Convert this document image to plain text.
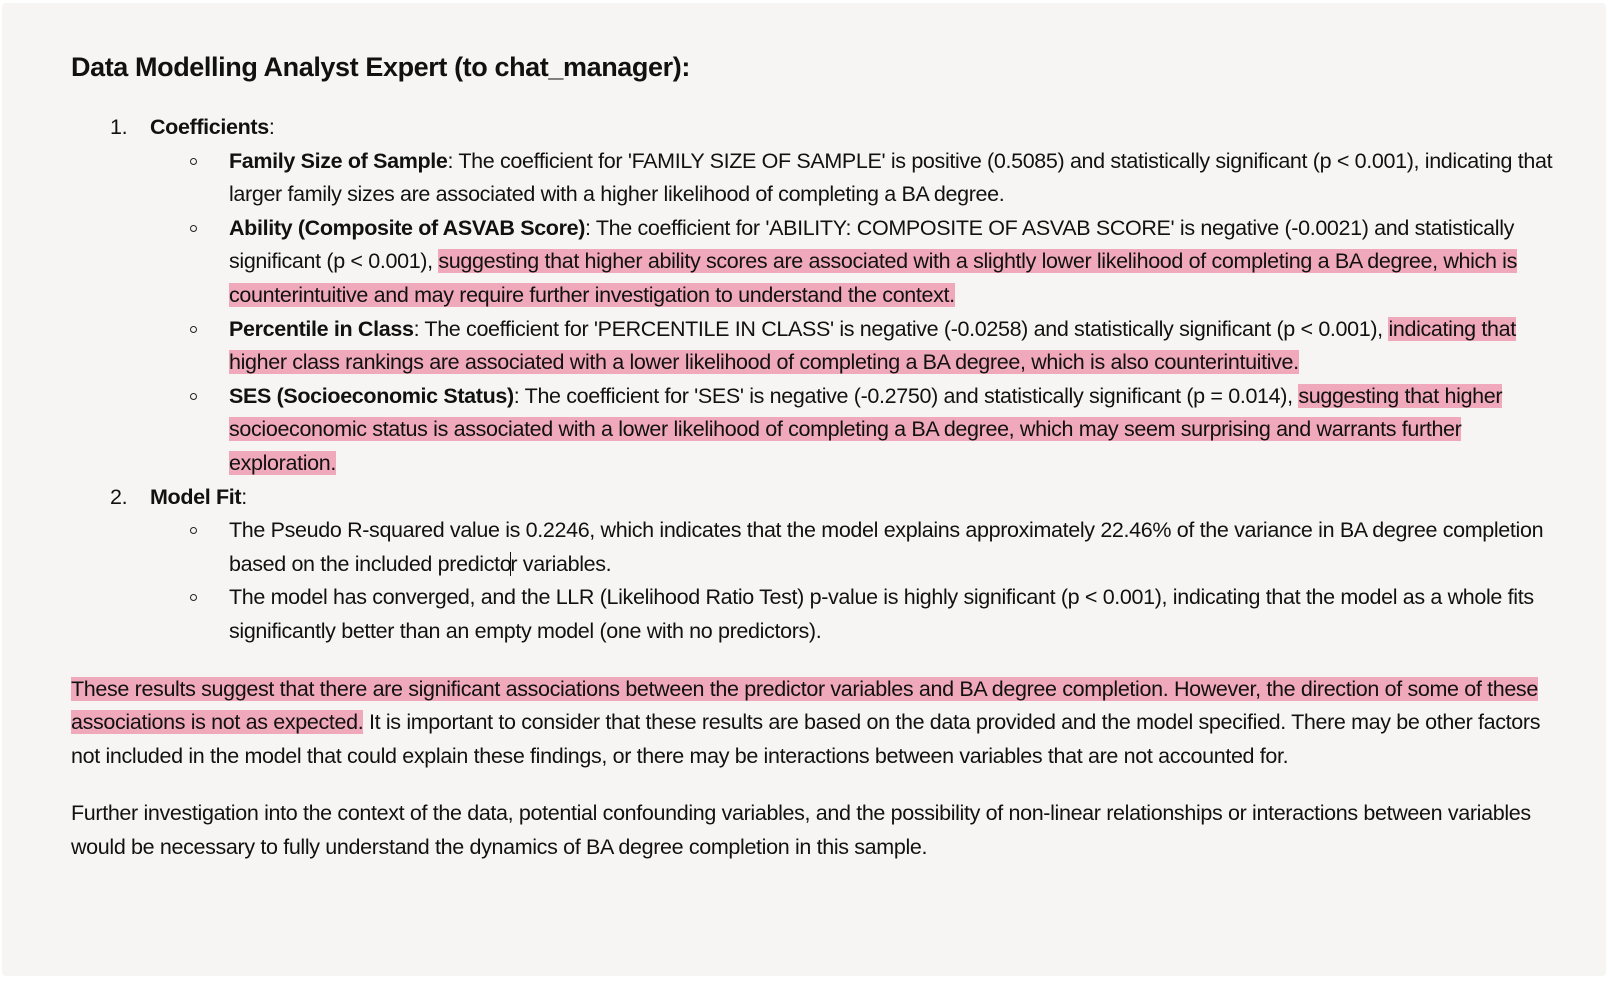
Data Modelling Analyst Expert (to chat_manager):
1. Coefficients:
Family Size of Sample: The coefficient for 'FAMILY SIZE OF SAMPLE' is positive (0.5085) and statistically significant (p < 0.001), indicating that larger family sizes are associated with a higher likelihood of completing a BA degree.
Ability (Composite of ASVAB Score): The coefficient for 'ABILITY: COMPOSITE OF ASVAB SCORE' is negative (-0.0021) and statistically significant (p < 0.001), suggesting that higher ability scores are associated with a slightly lower likelihood of completing a BA degree, which is counterintuitive and may require further investigation to understand the context.
Percentile in Class: The coefficient for 'PERCENTILE IN CLASS' is negative (-0.0258) and statistically significant (p < 0.001), indicating that higher class rankings are associated with a lower likelihood of completing a BA degree, which is also counterintuitive.
SES (Socioeconomic Status): The coefficient for 'SES' is negative (-0.2750) and statistically significant (p = 0.014), suggesting that higher socioeconomic status is associated with a lower likelihood of completing a BA degree, which may seem surprising and warrants further exploration.
2. Model Fit:
The Pseudo R-squared value is 0.2246, which indicates that the model explains approximately 22.46% of the variance in BA degree completion based on the included predictor variables.
The model has converged, and the LLR (Likelihood Ratio Test) p-value is highly significant (p < 0.001), indicating that the model as a whole fits significantly better than an empty model (one with no predictors).

These results suggest that there are significant associations between the predictor variables and BA degree completion. However, the direction of some of these associations is not as expected. It is important to consider that these results are based on the data provided and the model specified. There may be other factors not included in the model that could explain these findings, or there may be interactions between variables that are not accounted for.

Further investigation into the context of the data, potential confounding variables, and the possibility of non-linear relationships or interactions between variables would be necessary to fully understand the dynamics of BA degree completion in this sample.
